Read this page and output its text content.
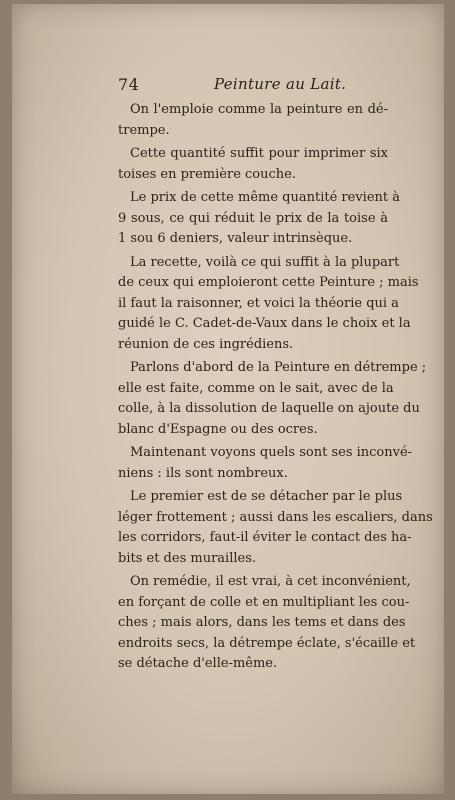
74	Peinture au Lait.

On l'emploie comme la peinture en dé-
trempe.

Cette quantité suffit pour imprimer six
toises en première couche.

Le prix de cette même quantité revient à
9 sous, ce qui réduit le prix de la toise à
1 sou 6 deniers, valeur intrinsèque.

La recette, voilà ce qui suffit à la plupart
de ceux qui emploieront cette Peinture ; mais
il faut la raisonner, et voici la théorie qui a
guidé le C. Cadet-de-Vaux dans le choix et la
réunion de ces ingrédiens.

Parlons d'abord de la Peinture en détrempe ;
elle est faite, comme on le sait, avec de la
colle, à la dissolution de laquelle on ajoute du
blanc d'Espagne ou des ocres.

Maintenant voyons quels sont ses inconvé-
niens : ils sont nombreux.

Le premier est de se détacher par le plus
léger frottement ; aussi dans les escaliers, dans
les corridors, faut-il éviter le contact des ha-
bits et des murailles.

On remédie, il est vrai, à cet inconvénient,
en forçant de colle et en multipliant les cou-
ches ; mais alors, dans les tems et dans des
endroits secs, la détrempe éclate, s'écaille et
se détache d'elle-même.
